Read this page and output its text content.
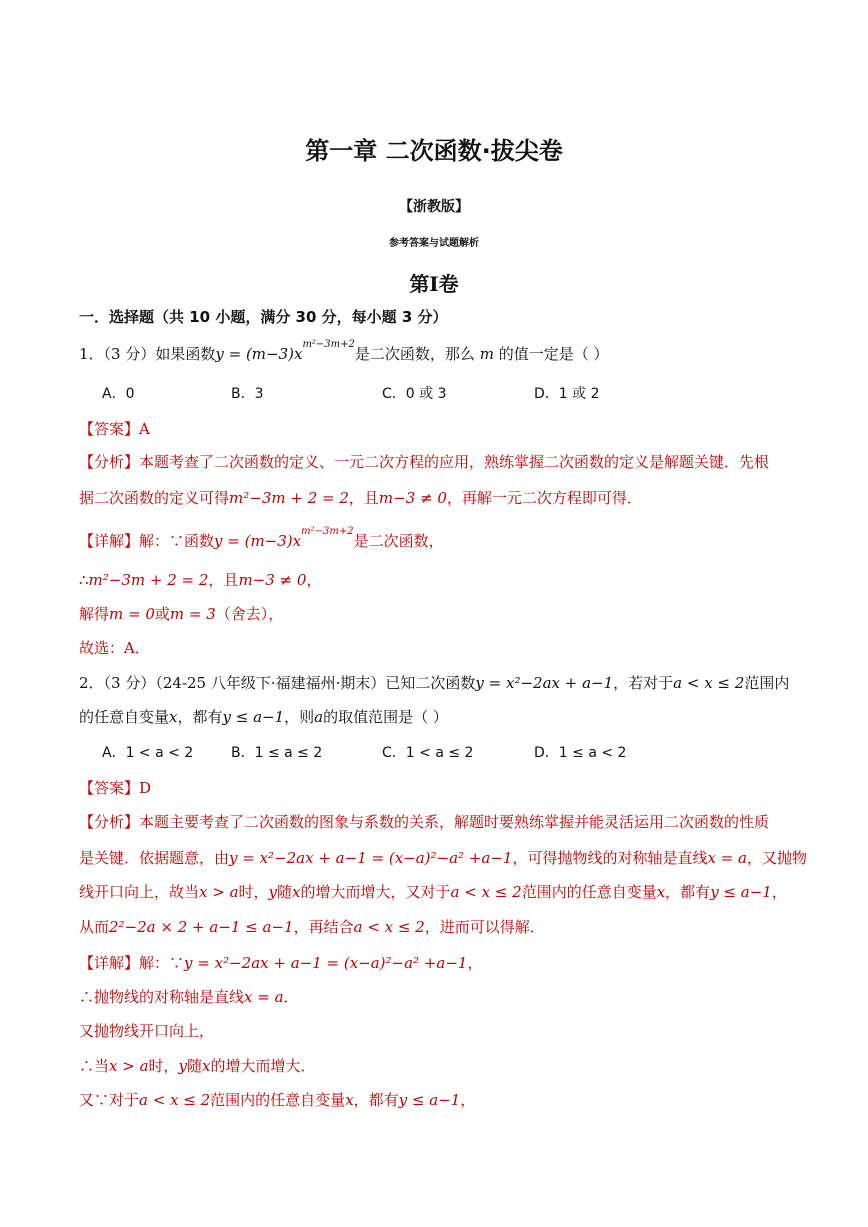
第一章 二次函数·拔尖卷
【浙教版】
参考答案与试题解析
第Ⅰ卷
一．选择题（共 10 小题，满分 30 分，每小题 3 分）
1．（3 分）如果函数$y = (m-3)x^{m^2-3m+2}$是二次函数，那么 m 的值一定是（ ）
A．0	B．3	C．0 或 3	D．1 或 2
【答案】A
【分析】本题考查了二次函数的定义、一元二次方程的应用，熟练掌握二次函数的定义是解题关键．先根
据二次函数的定义可得m²−3m + 2 = 2，且m−3 ≠ 0，再解一元二次方程即可得．
【详解】解：∵函数$y = (m-3)x^{m^2-3m+2}$是二次函数，
∴m²−3m + 2 = 2，且m−3 ≠ 0，
解得m = 0或m = 3（舍去），
故选：A．
2．（3 分）（24-25 八年级下·福建福州·期末）已知二次函数y = x²−2ax + a−1，若对于a < x ≤ 2范围内
的任意自变量x，都有y ≤ a−1，则a的取值范围是（ ）
A．1 < a < 2	B．1 ≤ a ≤ 2	C．1 < a ≤ 2	D．1 ≤ a < 2
【答案】D
【分析】本题主要考查了二次函数的图象与系数的关系，解题时要熟练掌握并能灵活运用二次函数的性质
是关键．依据题意，由y = x²−2ax + a−1 = (x−a)²−a² +a−1，可得抛物线的对称轴是直线x = a，又抛物
线开口向上，故当x > a时，y随x的增大而增大，又对于a < x ≤ 2范围内的任意自变量x，都有y ≤ a−1，
从而2²−2a × 2 + a−1 ≤ a−1，再结合a < x ≤ 2，进而可以得解．
【详解】解：∵y = x²−2ax + a−1 = (x−a)²−a² +a−1，
∴抛物线的对称轴是直线x = a．
又抛物线开口向上，
∴当x > a时，y随x的增大而增大．
又∵对于a < x ≤ 2范围内的任意自变量x，都有y ≤ a−1，
